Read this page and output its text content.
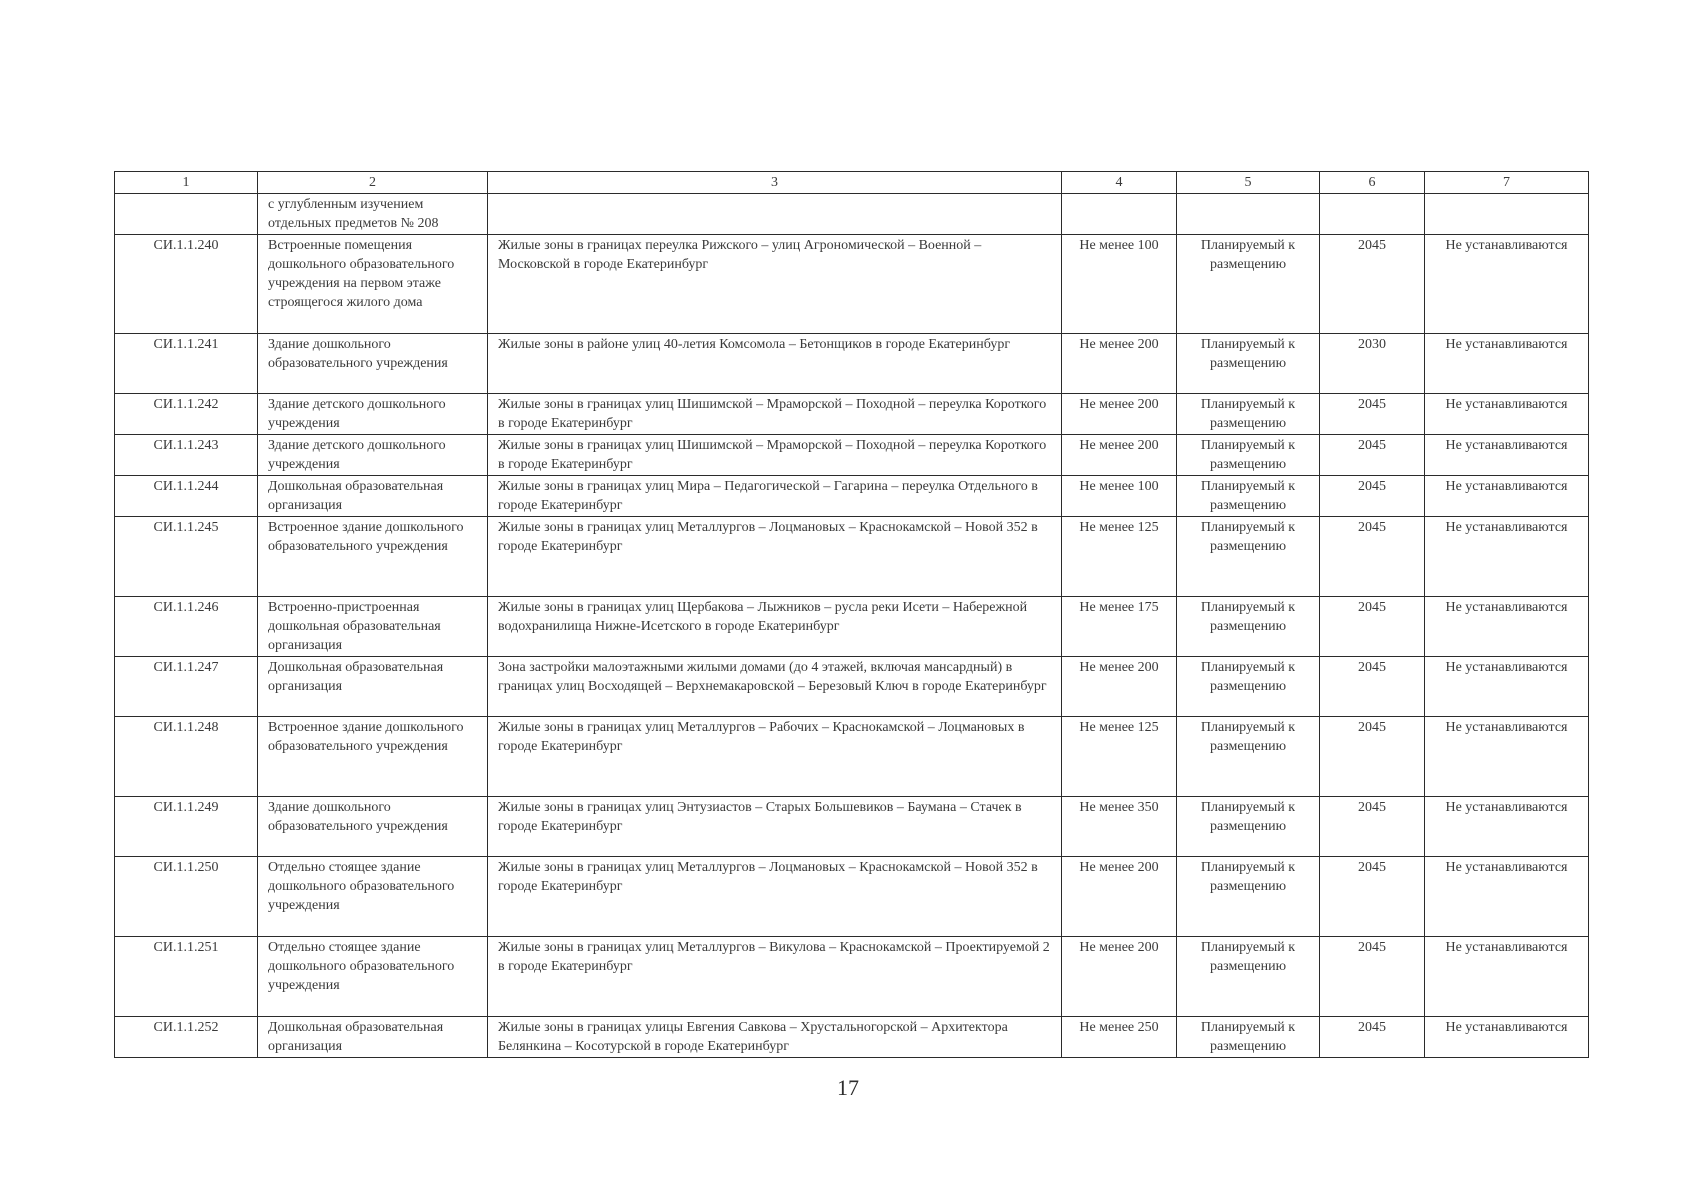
1	2	3	4	5	6	7
	с углубленным изучением отдельных предметов № 208					
СИ.1.1.240	Встроенные помещения дошкольного образовательного учреждения на первом этаже строящегося жилого дома	Жилые зоны в границах переулка Рижского – улиц Агрономической – Военной – Московской в городе Екатеринбург	Не менее 100	Планируемый к размещению	2045	Не устанавливаются
СИ.1.1.241	Здание дошкольного образовательного учреждения	Жилые зоны в районе улиц 40-летия Комсомола – Бетонщиков в городе Екатеринбург	Не менее 200	Планируемый к размещению	2030	Не устанавливаются
СИ.1.1.242	Здание детского дошкольного учреждения	Жилые зоны в границах улиц Шишимской – Мраморской – Походной – переулка Короткого в городе Екатеринбург	Не менее 200	Планируемый к размещению	2045	Не устанавливаются
СИ.1.1.243	Здание детского дошкольного учреждения	Жилые зоны в границах улиц Шишимской – Мраморской – Походной – переулка Короткого в городе Екатеринбург	Не менее 200	Планируемый к размещению	2045	Не устанавливаются
СИ.1.1.244	Дошкольная образовательная организация	Жилые зоны в границах улиц Мира – Педагогической – Гагарина – переулка Отдельного в городе Екатеринбург	Не менее 100	Планируемый к размещению	2045	Не устанавливаются
СИ.1.1.245	Встроенное здание дошкольного образовательного учреждения	Жилые зоны в границах улиц Металлургов – Лоцмановых – Краснокамской – Новой 352 в городе Екатеринбург	Не менее 125	Планируемый к размещению	2045	Не устанавливаются
СИ.1.1.246	Встроенно-пристроенная дошкольная образовательная организация	Жилые зоны в границах улиц Щербакова – Лыжников – русла реки Исети – Набережной водохранилища Нижне-Исетского в городе Екатеринбург	Не менее 175	Планируемый к размещению	2045	Не устанавливаются
СИ.1.1.247	Дошкольная образовательная организация	Зона застройки малоэтажными жилыми домами (до 4 этажей, включая мансардный) в границах улиц Восходящей – Верхнемакаровской – Березовый Ключ в городе Екатеринбург	Не менее 200	Планируемый к размещению	2045	Не устанавливаются
СИ.1.1.248	Встроенное здание дошкольного образовательного учреждения	Жилые зоны в границах улиц Металлургов – Рабочих – Краснокамской – Лоцмановых в городе Екатеринбург	Не менее 125	Планируемый к размещению	2045	Не устанавливаются
СИ.1.1.249	Здание дошкольного образовательного учреждения	Жилые зоны в границах улиц Энтузиастов – Старых Большевиков – Баумана – Стачек в городе Екатеринбург	Не менее 350	Планируемый к размещению	2045	Не устанавливаются
СИ.1.1.250	Отдельно стоящее здание дошкольного образовательного учреждения	Жилые зоны в границах улиц Металлургов – Лоцмановых – Краснокамской – Новой 352 в городе Екатеринбург	Не менее 200	Планируемый к размещению	2045	Не устанавливаются
СИ.1.1.251	Отдельно стоящее здание дошкольного образовательного учреждения	Жилые зоны в границах улиц Металлургов – Викулова – Краснокамской – Проектируемой 2 в городе Екатеринбург	Не менее 200	Планируемый к размещению	2045	Не устанавливаются
СИ.1.1.252	Дошкольная образовательная организация	Жилые зоны в границах улицы Евгения Савкова – Хрустальногорской – Архитектора Белянкина – Косотурской в городе Екатеринбург	Не менее 250	Планируемый к размещению	2045	Не устанавливаются
17
